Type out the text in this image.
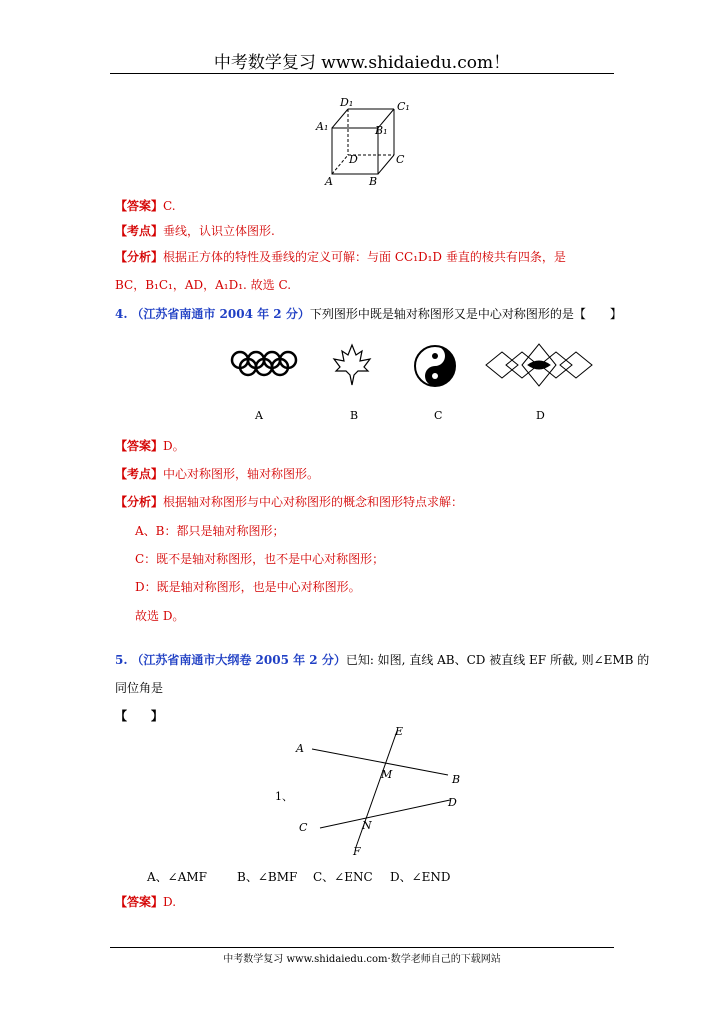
中考数学复习 www.shidaiedu.com！
D₁	C₁
A₁	B₁
D	C
A	B
【答案】C.
【考点】垂线，认识立体图形.
【分析】根据正方体的特性及垂线的定义可解：与面 CC₁D₁D 垂直的棱共有四条，是
BC，B₁C₁，AD，A₁D₁. 故选 C.
4. （江苏省南通市 2004 年 2 分）下列图形中既是轴对称图形又是中心对称图形的是【　　】
A	B	C	D
【答案】D。
【考点】中心对称图形，轴对称图形。
【分析】根据轴对称图形与中心对称图形的概念和图形特点求解：
A、B：都只是轴对称图形；
C：既不是轴对称图形，也不是中心对称图形；
D：既是轴对称图形，也是中心对称图形。
故选 D。
5. （江苏省南通市大纲卷 2005 年 2 分）已知: 如图, 直线 AB、CD 被直线 EF 所截, 则∠EMB 的
同位角是
【　　】
1、
A
B
C
D
E
F
M
N
A、∠AMF B、∠BMF C、∠ENC D、∠END
【答案】D.
中考数学复习 www.shidaiedu.com·数学老师自己的下载网站
